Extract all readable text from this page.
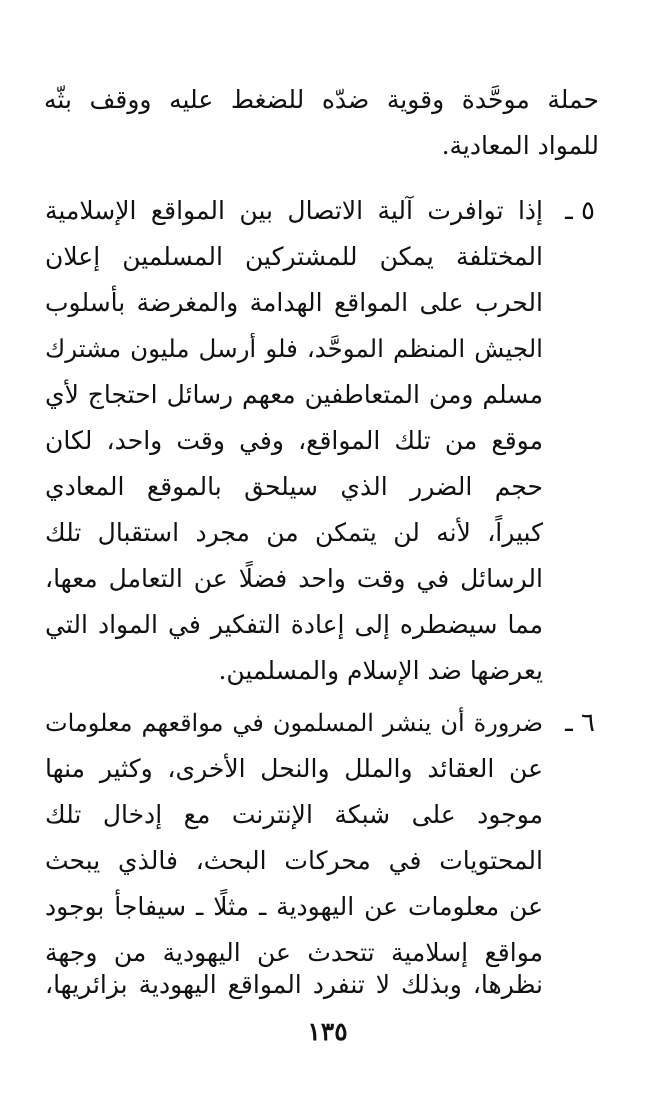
حملة موحَّدة وقوية ضدّه للضغط عليه ووقف بثّه
للمواد المعادية.
٥ ـ
إذا توافرت آلية الاتصال بين المواقع الإسلامية
المختلفة يمكن للمشتركين المسلمين إعلان
الحرب على المواقع الهدامة والمغرضة بأسلوب
الجيش المنظم الموحَّد، فلو أرسل مليون مشترك
مسلم ومن المتعاطفين معهم رسائل احتجاج لأي
موقع من تلك المواقع، وفي وقت واحد، لكان
حجم الضرر الذي سيلحق بالموقع المعادي
كبيراً، لأنه لن يتمكن من مجرد استقبال تلك
الرسائل في وقت واحد فضلًا عن التعامل معها،
مما سيضطره إلى إعادة التفكير في المواد التي
يعرضها ضد الإسلام والمسلمين.
٦ ـ
ضرورة أن ينشر المسلمون في مواقعهم معلومات
عن العقائد والملل والنحل الأخرى، وكثير منها
موجود على شبكة الإنترنت مع إدخال تلك
المحتويات في محركات البحث، فالذي يبحث
عن معلومات عن اليهودية ـ مثلًا ـ سيفاجأ بوجود
مواقع إسلامية تتحدث عن اليهودية من وجهة
نظرها، وبذلك لا تنفرد المواقع اليهودية بزائريها،
١٣٥
